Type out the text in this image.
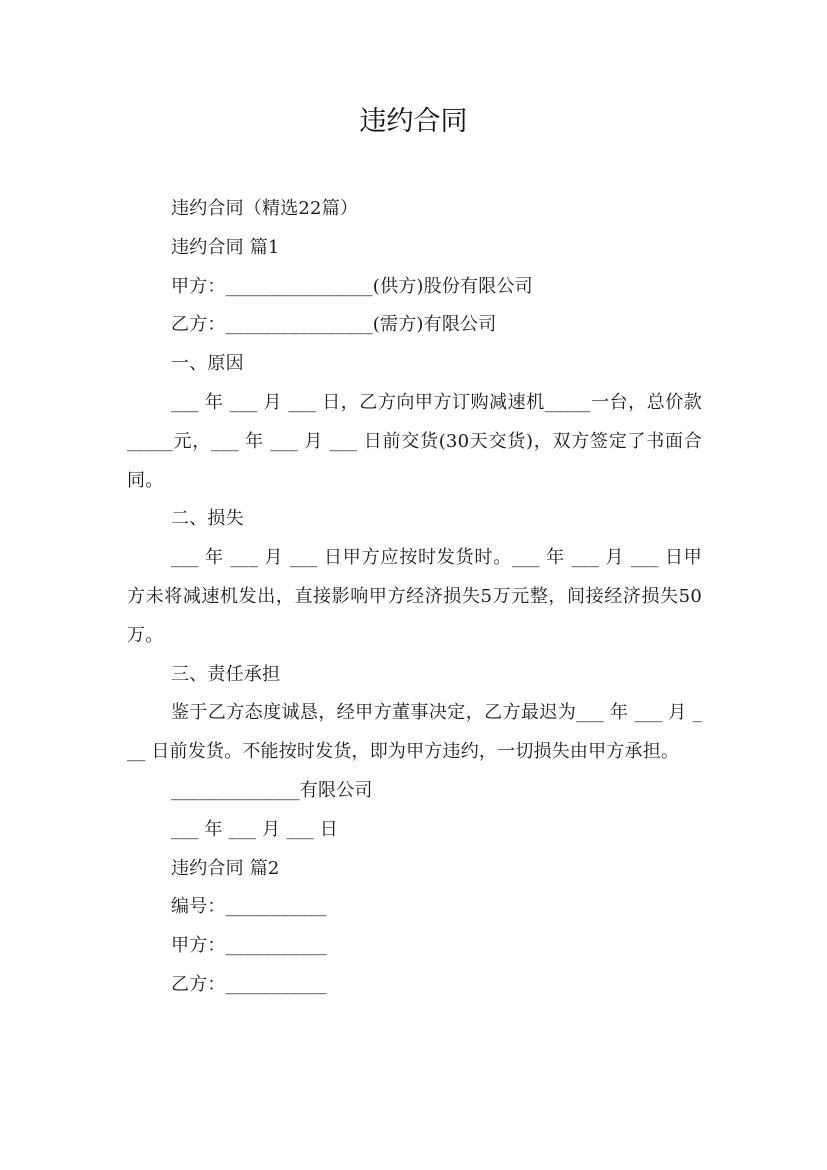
违约合同

违约合同（精选22篇）

违约合同 篇1

甲方：________________(供方)股份有限公司

乙方：________________(需方)有限公司

一、原因

___ 年 ___ 月 ___ 日，乙方向甲方订购减速机_____一台，总价款_____元，___ 年 ___ 月 ___ 日前交货(30天交货)，双方签定了书面合同。

二、损失

___ 年 ___ 月 ___ 日甲方应按时发货时。___ 年 ___ 月 ___ 日甲方未将减速机发出，直接影响甲方经济损失5万元整，间接经济损失50万。

三、责任承担

鉴于乙方态度诚恳，经甲方董事决定，乙方最迟为___ 年 ___ 月 ___ 日前发货。不能按时发货，即为甲方违约，一切损失由甲方承担。

______________有限公司

___ 年 ___ 月 ___ 日

违约合同 篇2

编号：___________

甲方：___________

乙方：___________
